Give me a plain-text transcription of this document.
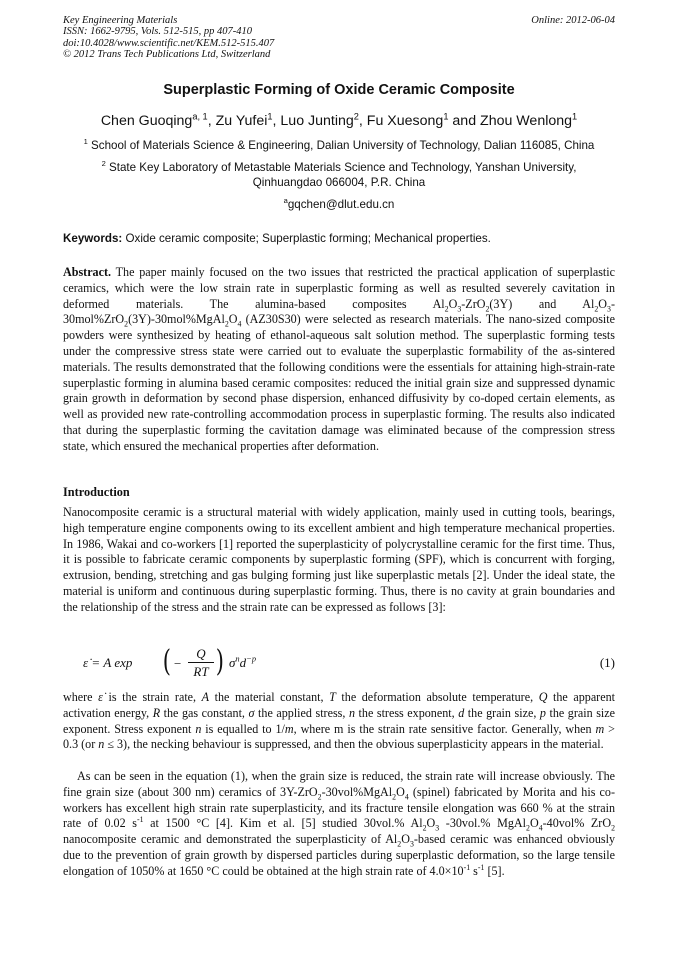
Key Engineering Materials
ISSN: 1662-9795, Vols. 512-515, pp 407-410
doi:10.4028/www.scientific.net/KEM.512-515.407
© 2012 Trans Tech Publications Ltd, Switzerland
Online: 2012-06-04
Superplastic Forming of Oxide Ceramic Composite
Chen Guoqing$^{a, 1}$, Zu Yufei$^1$, Luo Junting$^2$, Fu Xuesong$^1$ and Zhou Wenlong$^1$
$^1$ School of Materials Science & Engineering, Dalian University of Technology, Dalian 116085, China
$^2$ State Key Laboratory of Metastable Materials Science and Technology, Yanshan University,
Qinhuangdao 066004, P.R. China
$^a$gqchen@dlut.edu.cn
Keywords: Oxide ceramic composite; Superplastic forming; Mechanical properties.
Abstract. The paper mainly focused on the two issues that restricted the practical application of superplastic ceramics, which were the low strain rate in superplastic forming as well as resulted severely cavitation in deformed materials. The alumina-based composites $Al_2O_3-ZrO_2(3Y)$ and $Al_2O_3-30mol\%ZrO_2(3Y)-30mol\%MgAl_2O_4$ (AZ30S30) were selected as research materials. The nano-sized composite powders were synthesized by heating of ethanol-aqueous salt solution method. The superplastic forming tests under the compressive stress state were carried out to evaluate the superplastic formability of the as-sintered materials. The results demonstrated that the following conditions were the essentials for attaining high-strain-rate superplastic forming in alumina based ceramic composites: reduced the initial grain size and suppressed dynamic grain growth in deformation by second phase dispersion, enhanced diffusivity by co-doped certain elements, as well as provided new rate-controlling accommodation process in superplastic forming. The results also indicated that during the superplastic forming the cavitation damage was eliminated because of the compression stress state, which ensured the mechanical properties after deformation.
Introduction
Nanocomposite ceramic is a structural material with widely application, mainly used in cutting tools, bearings, high temperature engine components owing to its excellent ambient and high temperature mechanical properties. In 1986, Wakai and co-workers [1] reported the superplasticity of polycrystalline ceramic for the first time. Thus, it is possible to fabricate ceramic components by superplastic forming (SPF), which is concurrent with forging, extrusion, bending, stretching and gas bulging forming just like superplastic metals [2]. Under the ideal state, the material is uniform and continuous during superplastic forming. Thus, there is no cavity at grain boundaries and the relationship of the stress and the strain rate can be expressed as follows [3]:
ε̇ = A exp ( − $\frac{Q}{RT}$ ) $\sigma^nd^{-p}$	(1)
where ε̇ is the strain rate, A the material constant, T the deformation absolute temperature, Q the apparent activation energy, R the gas constant, σ the applied stress, n the stress exponent, d the grain size, p the grain size exponent. Stress exponent n is equalled to 1/m, where m is the strain rate sensitive factor. Generally, when m > 0.3 (or n ≤ 3), the necking behaviour is suppressed, and then the obvious superplasticity appears in the material.
As can be seen in the equation (1), when the grain size is reduced, the strain rate will increase obviously. The fine grain size (about 300 nm) ceramics of $3Y-ZrO_2-30vol\%MgAl_2O_4$ (spinel) fabricated by Morita and his co-workers has excellent high strain rate superplasticity, and its fracture tensile elongation was 660 % at the strain rate of 0.02 $s^{-1}$ at 1500 °C [4]. Kim et al. [5] studied 30vol.% $Al_2O_3$ -30vol.% $MgAl_2O_4-40vol\%$ ZrO$_2$ nanocomposite ceramic and demonstrated the superplasticity of $Al_2O_3$-based ceramic was enhanced obviously due to the prevention of grain growth by dispersed particles during superplastic deformation, so the large tensile elongation of 1050% at 1650 °C could be obtained at the high strain rate of $4.0\times 10^{-1}$ $s^{-1}$ [5].
